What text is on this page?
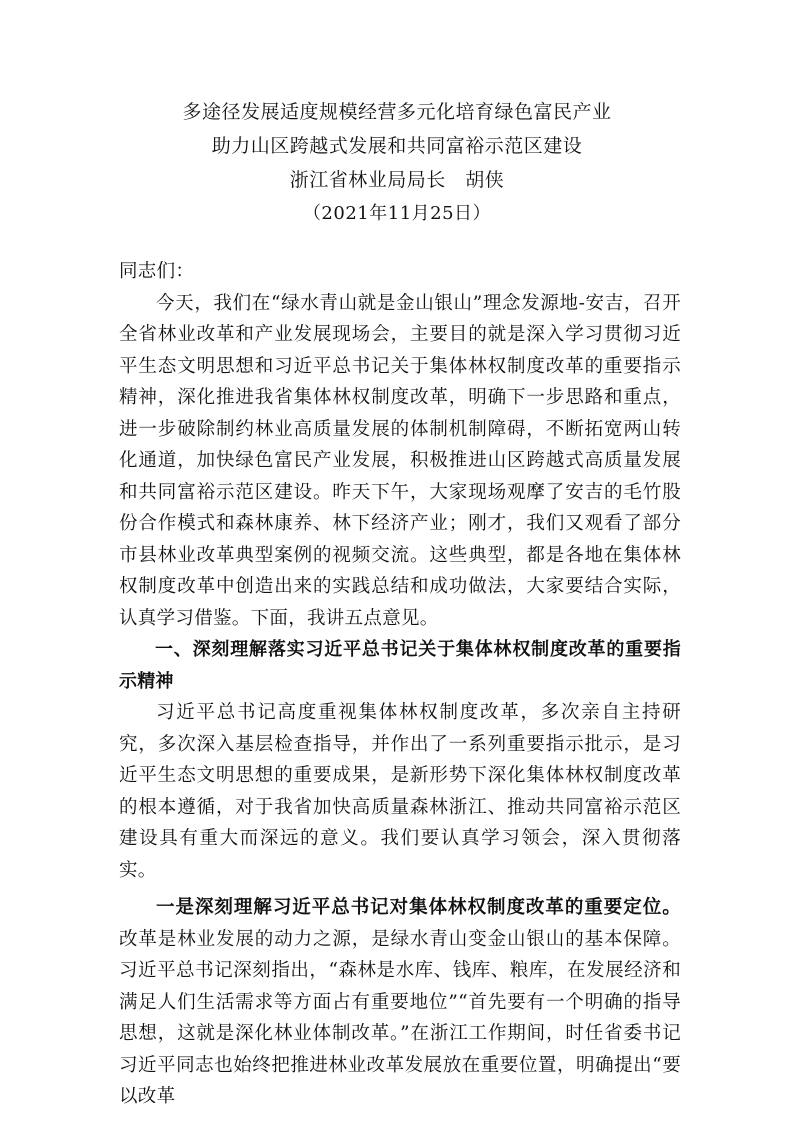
多途径发展适度规模经营多元化培育绿色富民产业
助力山区跨越式发展和共同富裕示范区建设
浙江省林业局局长　胡侠
（2021年11月25日）

同志们：

今天，我们在“绿水青山就是金山银山”理念发源地-安吉，召开全省林业改革和产业发展现场会，主要目的就是深入学习贯彻习近平生态文明思想和习近平总书记关于集体林权制度改革的重要指示精神，深化推进我省集体林权制度改革，明确下一步思路和重点，进一步破除制约林业高质量发展的体制机制障碍，不断拓宽两山转化通道，加快绿色富民产业发展，积极推进山区跨越式高质量发展和共同富裕示范区建设。昨天下午，大家现场观摩了安吉的毛竹股份合作模式和森林康养、林下经济产业；刚才，我们又观看了部分市县林业改革典型案例的视频交流。这些典型，都是各地在集体林权制度改革中创造出来的实践总结和成功做法，大家要结合实际，认真学习借鉴。下面，我讲五点意见。

一、深刻理解落实习近平总书记关于集体林权制度改革的重要指示精神

习近平总书记高度重视集体林权制度改革，多次亲自主持研究，多次深入基层检查指导，并作出了一系列重要指示批示，是习近平生态文明思想的重要成果，是新形势下深化集体林权制度改革的根本遵循，对于我省加快高质量森林浙江、推动共同富裕示范区建设具有重大而深远的意义。我们要认真学习领会，深入贯彻落实。

一是深刻理解习近平总书记对集体林权制度改革的重要定位。改革是林业发展的动力之源，是绿水青山变金山银山的基本保障。习近平总书记深刻指出，“森林是水库、钱库、粮库，在发展经济和满足人们生活需求等方面占有重要地位”“首先要有一个明确的指导思想，这就是深化林业体制改革。”在浙江工作期间，时任省委书记习近平同志也始终把推进林业改革发展放在重要位置，明确提出“要以改革
